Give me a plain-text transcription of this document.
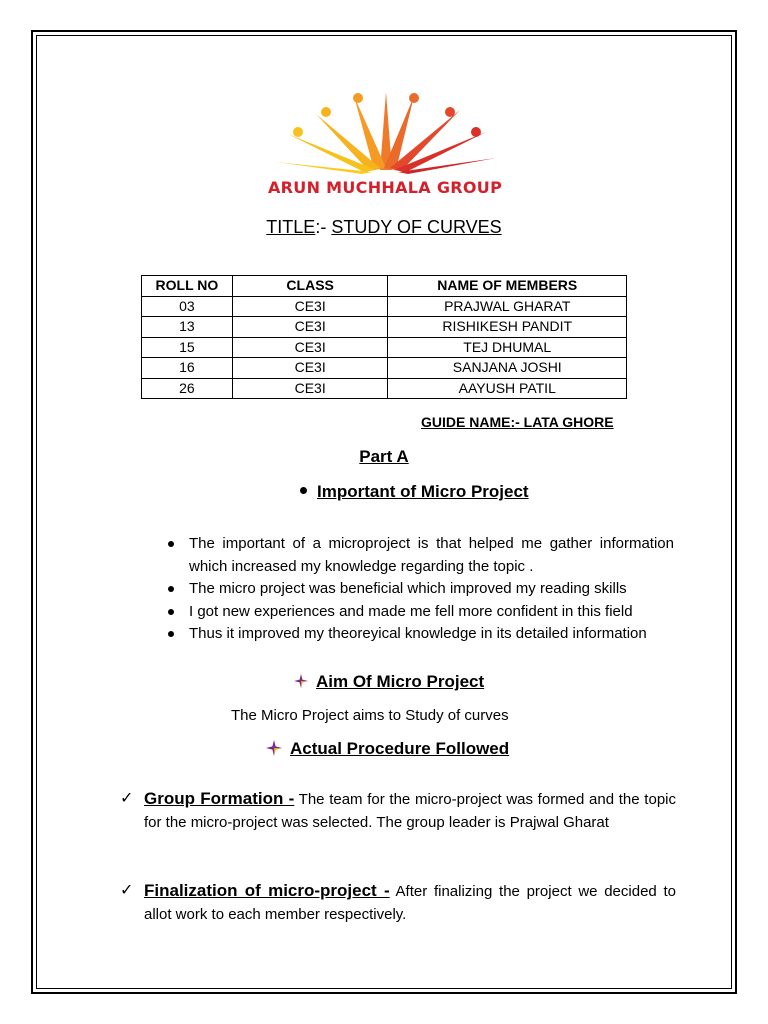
ARUN MUCHHALA GROUP
TITLE:- STUDY OF CURVES
ROLL NO	CLASS	NAME OF MEMBERS
03	CE3I	PRAJWAL GHARAT
13	CE3I	RISHIKESH PANDIT
15	CE3I	TEJ DHUMAL
16	CE3I	SANJANA JOSHI
26	CE3I	AAYUSH PATIL
GUIDE NAME:- LATA GHORE
Part A
Important of Micro Project
The important of a microproject is that helped me gather information which increased my knowledge regarding the topic .
The micro project was beneficial which improved my reading skills
I got new experiences and made me fell more confident in this field
Thus it improved my theoreyical knowledge in its detailed information
Aim Of Micro Project
The Micro Project aims to Study of curves
Actual Procedure Followed
✓ Group Formation - The team for the micro-project was formed and the topic for the micro-project was selected. The group leader is Prajwal Gharat
✓ Finalization of micro-project - After finalizing the project we decided to allot work to each member respectively.
